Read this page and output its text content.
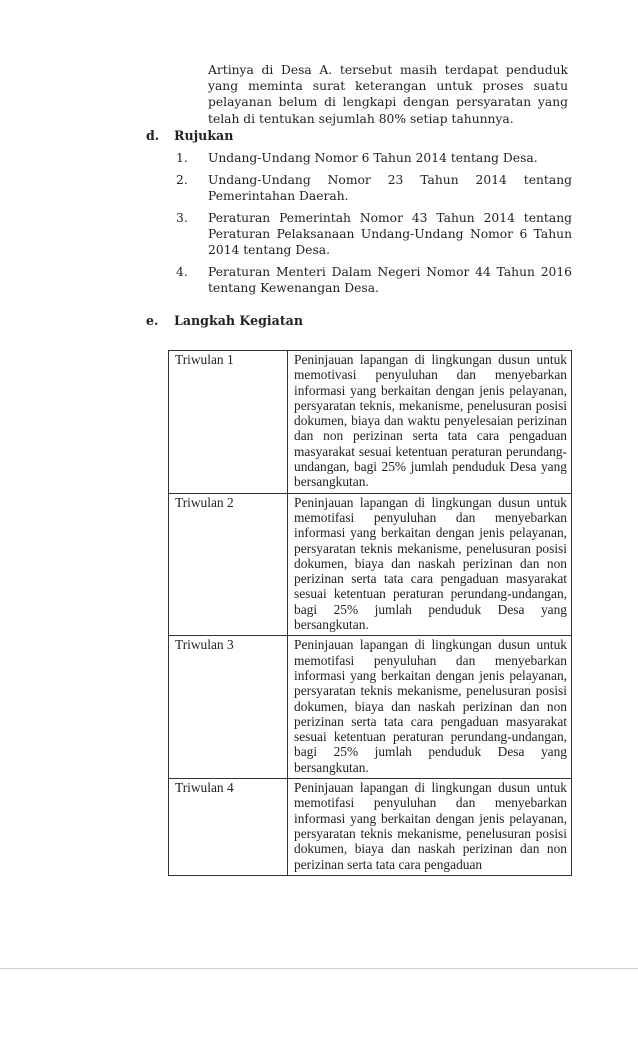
Artinya di Desa A. tersebut masih terdapat penduduk yang meminta surat keterangan untuk proses suatu pelayanan belum di lengkapi dengan persyaratan yang telah di tentukan sejumlah 80% setiap tahunnya.

d. Rujukan
1.	Undang-Undang Nomor 6 Tahun 2014 tentang Desa.
2.	Undang-Undang Nomor 23 Tahun 2014 tentang Pemerintahan Daerah.
3.	Peraturan Pemerintah Nomor 43 Tahun 2014 tentang Peraturan Pelaksanaan Undang-Undang Nomor 6 Tahun 2014 tentang Desa.
4.	Peraturan Menteri Dalam Negeri Nomor 44 Tahun 2016 tentang Kewenangan Desa.
e. Langkah Kegiatan
Triwulan 1	Peninjauan lapangan di lingkungan dusun untuk memotivasi penyuluhan dan menyebarkan informasi yang berkaitan dengan jenis pelayanan, persyaratan teknis, mekanisme, penelusuran posisi dokumen, biaya dan waktu penyelesaian perizinan dan non perizinan serta tata cara pengaduan masyarakat sesuai ketentuan peraturan perundang-undangan, bagi 25% jumlah penduduk Desa yang bersangkutan.
Triwulan 2	Peninjauan lapangan di lingkungan dusun untuk memotifasi penyuluhan dan menyebarkan informasi yang berkaitan dengan jenis pelayanan, persyaratan teknis mekanisme, penelusuran posisi dokumen, biaya dan naskah perizinan dan non perizinan serta tata cara pengaduan masyarakat sesuai ketentuan peraturan perundang-undangan, bagi 25% jumlah penduduk Desa yang bersangkutan.
Triwulan 3	Peninjauan lapangan di lingkungan dusun untuk memotifasi penyuluhan dan menyebarkan informasi yang berkaitan dengan jenis pelayanan, persyaratan teknis mekanisme, penelusuran posisi dokumen, biaya dan naskah perizinan dan non perizinan serta tata cara pengaduan masyarakat sesuai ketentuan peraturan perundang-undangan, bagi 25% jumlah penduduk Desa yang bersangkutan.
Triwulan 4	Peninjauan lapangan di lingkungan dusun untuk memotifasi penyuluhan dan menyebarkan informasi yang berkaitan dengan jenis pelayanan, persyaratan teknis mekanisme, penelusuran posisi dokumen, biaya dan naskah perizinan dan non perizinan serta tata cara pengaduan
